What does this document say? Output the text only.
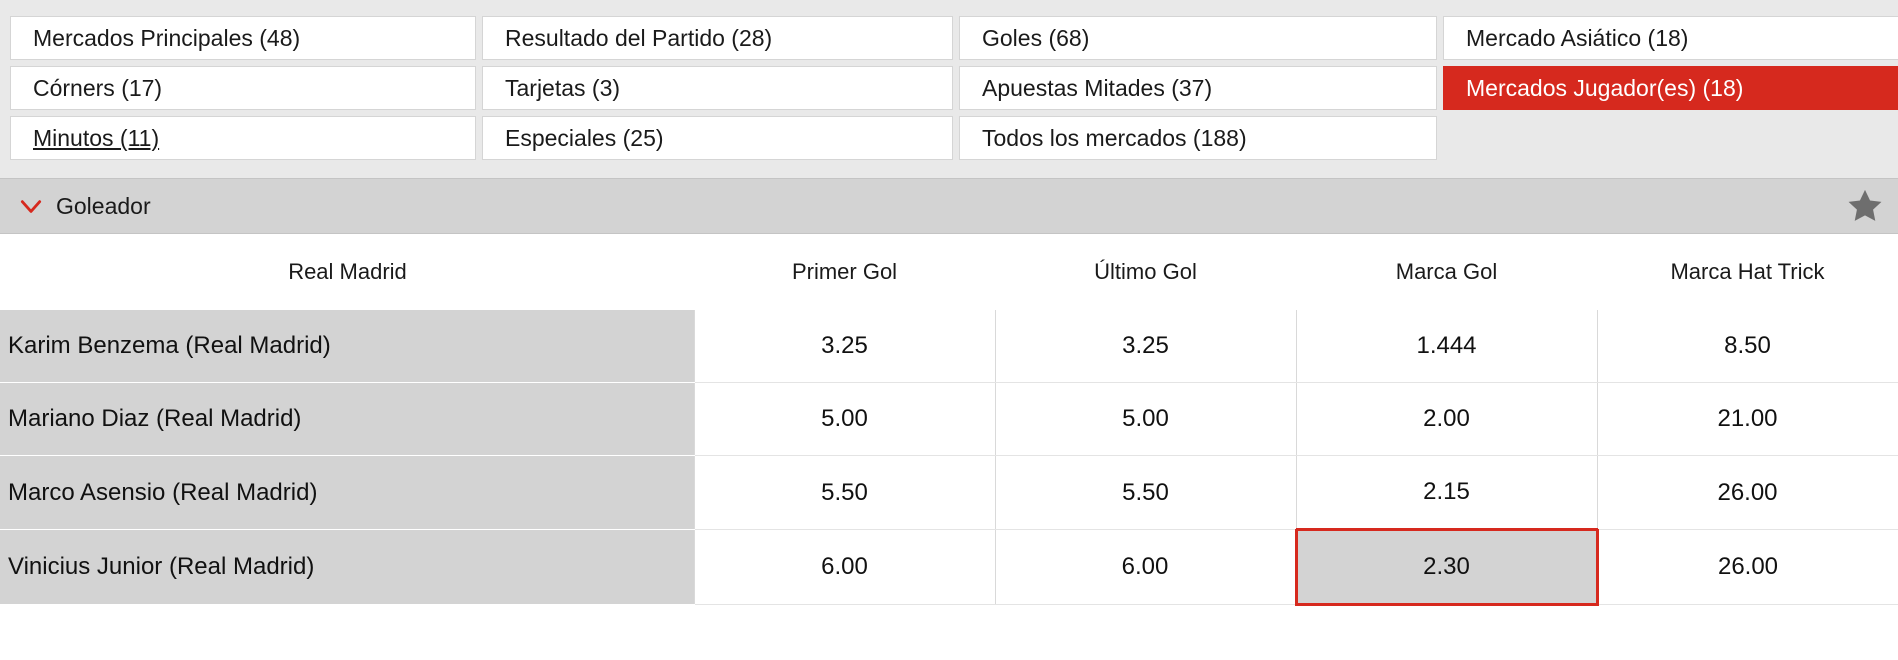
Mercados Principales (48)	Resultado del Partido (28)	Goles (68)	Mercado Asiático (18)
Córners (17)	Tarjetas (3)	Apuestas Mitades (37)	Mercados Jugador(es) (18)
Minutos (11)	Especiales (25)	Todos los mercados (188)
Goleador
Real Madrid	Primer Gol	Último Gol	Marca Gol	Marca Hat Trick
Karim Benzema (Real Madrid)	3.25	3.25	1.444	8.50
Mariano Diaz (Real Madrid)	5.00	5.00	2.00	21.00
Marco Asensio (Real Madrid)	5.50	5.50	2.15	26.00
Vinicius Junior (Real Madrid)	6.00	6.00	2.30	26.00
